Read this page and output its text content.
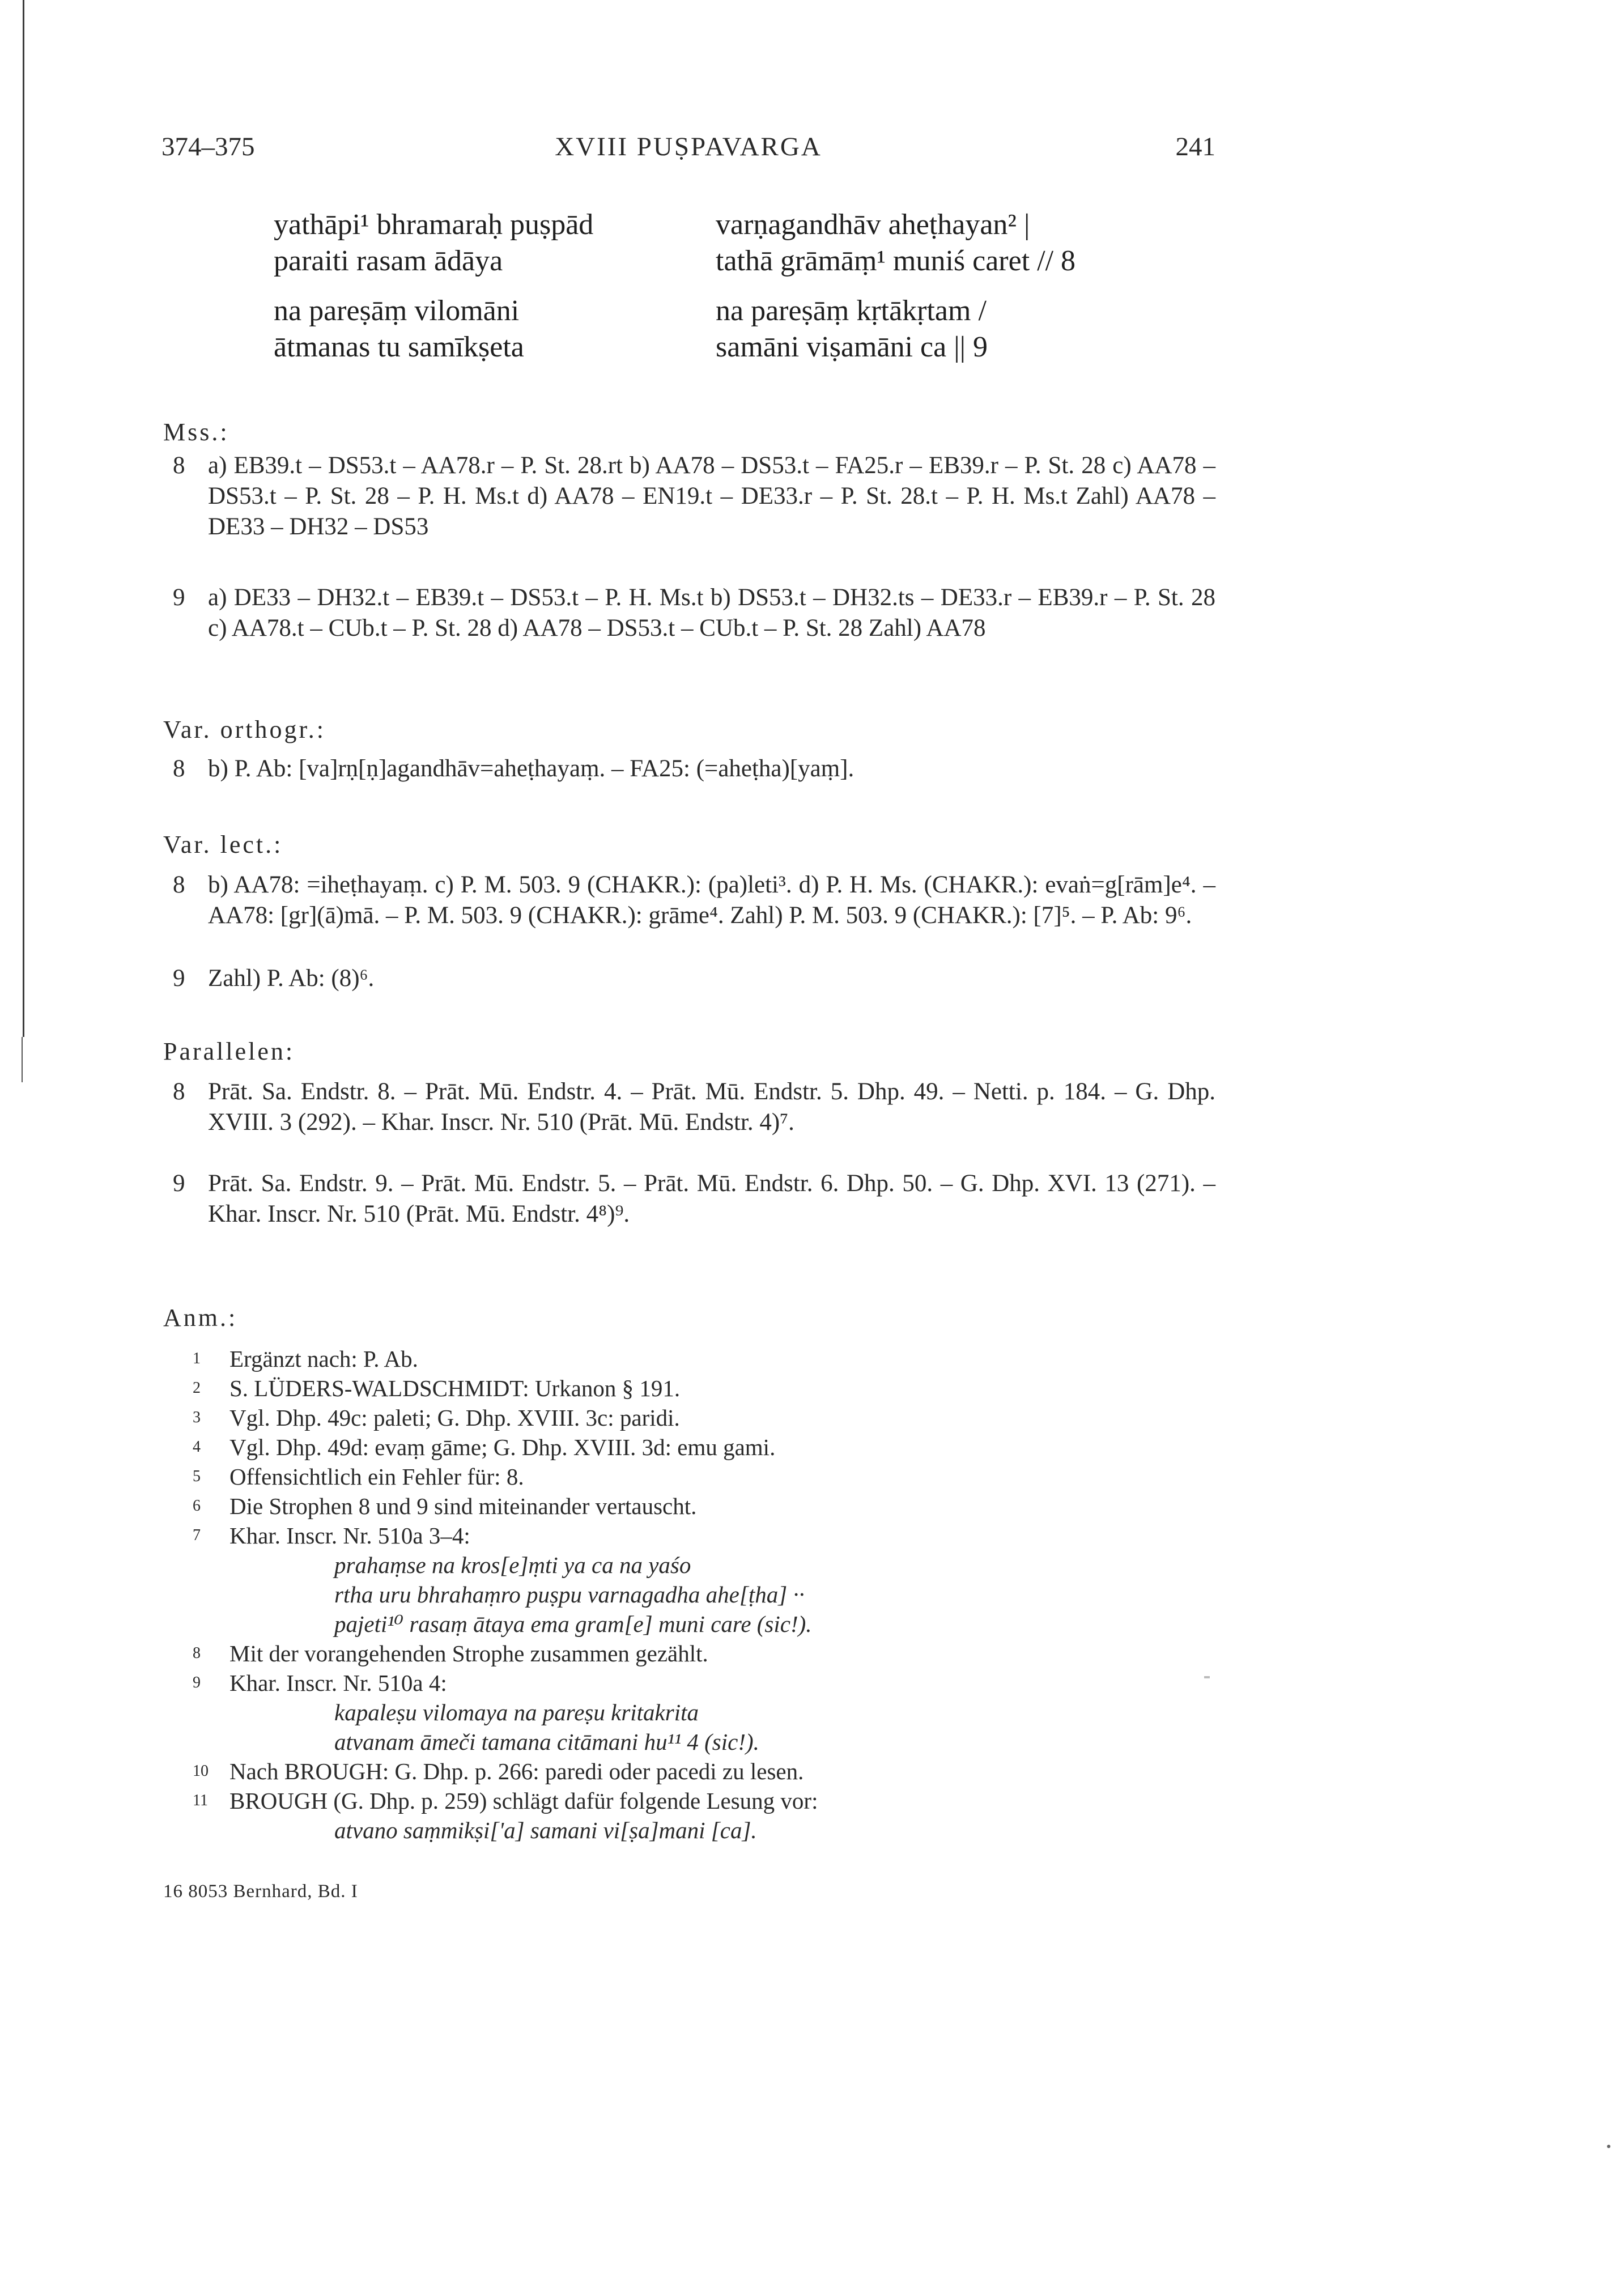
374–375	XVIII PUṢPAVARGA	241
yathāpi¹ bhramaraḥ puṣpād	varṇagandhāv aheṭhayan² |
paraiti rasam ādāya	tathā grāmāṃ¹ muniś caret // 8
na pareṣāṃ vilomāni	na pareṣāṃ kṛtākṛtam /
ātmanas tu samīkṣeta	samāni viṣamāni ca || 9
Mss.:
8 a) EB39.t – DS53.t – AA78.r – P. St. 28.rt b) AA78 – DS53.t – FA25.r – EB39.r – P. St. 28 c) AA78 – DS53.t – P. St. 28 – P. H. Ms.t d) AA78 – EN19.t – DE33.r – P. St. 28.t – P. H. Ms.t Zahl) AA78 – DE33 – DH32 – DS53
9 a) DE33 – DH32.t – EB39.t – DS53.t – P. H. Ms.t b) DS53.t – DH32.ts – DE33.r – EB39.r – P. St. 28 c) AA78.t – CUb.t – P. St. 28 d) AA78 – DS53.t – CUb.t – P. St. 28 Zahl) AA78
Var. orthogr.:
8 b) P. Ab: [va]rṇ[ṇ]agandhāv=aheṭhayaṃ. – FA25: (=aheṭha)[yaṃ].
Var. lect.:
8 b) AA78: =iheṭhayaṃ. c) P. M. 503. 9 (CHAKR.): (pa)leti³. d) P. H. Ms. (CHAKR.): evaṅ=g[rām]e⁴. – AA78: [gr](ā)mā. – P. M. 503. 9 (CHAKR.): grāme⁴. Zahl) P. M. 503. 9 (CHAKR.): [7]⁵. – P. Ab: 9⁶.
9 Zahl) P. Ab: (8)⁶.
Parallelen:
8 Prāt. Sa. Endstr. 8. – Prāt. Mū. Endstr. 4. – Prāt. Mū. Endstr. 5. Dhp. 49. – Netti. p. 184. – G. Dhp. XVIII. 3 (292). – Khar. Inscr. Nr. 510 (Prāt. Mū. Endstr. 4)⁷.
9 Prāt. Sa. Endstr. 9. – Prāt. Mū. Endstr. 5. – Prāt. Mū. Endstr. 6. Dhp. 50. – G. Dhp. XVI. 13 (271). – Khar. Inscr. Nr. 510 (Prāt. Mū. Endstr. 4⁸)⁹.
Anm.:
1 Ergänzt nach: P. Ab.
2 S. LÜDERS-WALDSCHMIDT: Urkanon § 191.
3 Vgl. Dhp. 49c: paleti; G. Dhp. XVIII. 3c: paridi.
4 Vgl. Dhp. 49d: evaṃ gāme; G. Dhp. XVIII. 3d: emu gami.
5 Offensichtlich ein Fehler für: 8.
6 Die Strophen 8 und 9 sind miteinander vertauscht.
7 Khar. Inscr. Nr. 510a 3–4:
prahaṃse na kros[e]ṃti ya ca na yaśo
rtha uru bhrahaṃro puṣpu varnagadha ahe[ṭha] ··
pajeti¹⁰ rasaṃ ātaya ema gram[e] muni care (sic!).
8 Mit der vorangehenden Strophe zusammen gezählt.
9 Khar. Inscr. Nr. 510a 4:
kapaleṣu vilomaya na pareṣu kritakrita
atvanam āmeči tamana citāmani hu¹¹ 4 (sic!).
10 Nach BROUGH: G. Dhp. p. 266: paredi oder pacedi zu lesen.
11 BROUGH (G. Dhp. p. 259) schlägt dafür folgende Lesung vor:
atvano saṃmikṣi['a] samani vi[ṣa]mani [ca].
16 8053 Bernhard, Bd. I
